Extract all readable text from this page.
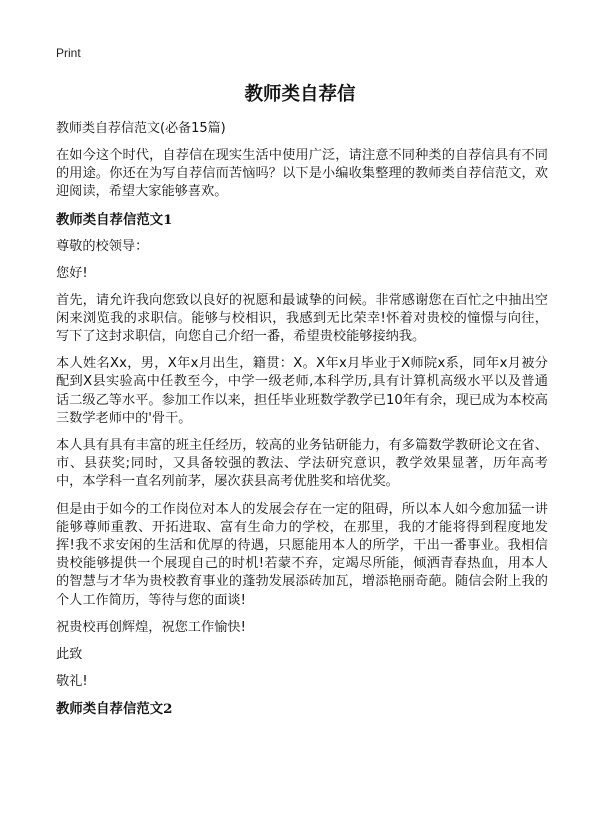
Print
教师类自荐信
教师类自荐信范文(必备15篇)
在如今这个时代，自荐信在现实生活中使用广泛，请注意不同种类的自荐信具有不同的用途。你还在为写自荐信而苦恼吗？以下是小编收集整理的教师类自荐信范文，欢迎阅读，希望大家能够喜欢。
教师类自荐信范文1
尊敬的校领导：
您好!
首先，请允许我向您致以良好的祝愿和最诚挚的问候。非常感谢您在百忙之中抽出空闲来浏览我的求职信。能够与校相识，我感到无比荣幸!怀着对贵校的憧憬与向往，写下了这封求职信，向您自己介绍一番，希望贵校能够接纳我。
本人姓名Xx，男，X年x月出生，籍贯：X。X年x月毕业于X师院x系，同年x月被分配到X县实验高中任教至今，中学一级老师,本科学历,具有计算机高级水平以及普通话二级乙等水平。参加工作以来，担任毕业班数学教学已10年有余，现已成为本校高三数学老师中的'骨干。
本人具有具有丰富的班主任经历，较高的业务钻研能力，有多篇数学教研论文在省、市、县获奖;同时，又具备较强的教法、学法研究意识，教学效果显著，历年高考中，本学科一直名列前茅，屡次获县高考优胜奖和培优奖。
但是由于如今的工作岗位对本人的发展会存在一定的阻碍，所以本人如今愈加猛一讲能够尊师重教、开拓进取、富有生命力的学校，在那里，我的才能将得到程度地发挥!我不求安闲的生活和优厚的待遇，只愿能用本人的所学，干出一番事业。我相信贵校能够提供一个展现自己的时机!若蒙不弃，定竭尽所能，倾洒青春热血，用本人的智慧与才华为贵校教育事业的蓬勃发展添砖加瓦，增添艳丽奇葩。随信会附上我的个人工作简历，等待与您的面谈!
祝贵校再创辉煌，祝您工作愉快!
此致
敬礼!
教师类自荐信范文2
